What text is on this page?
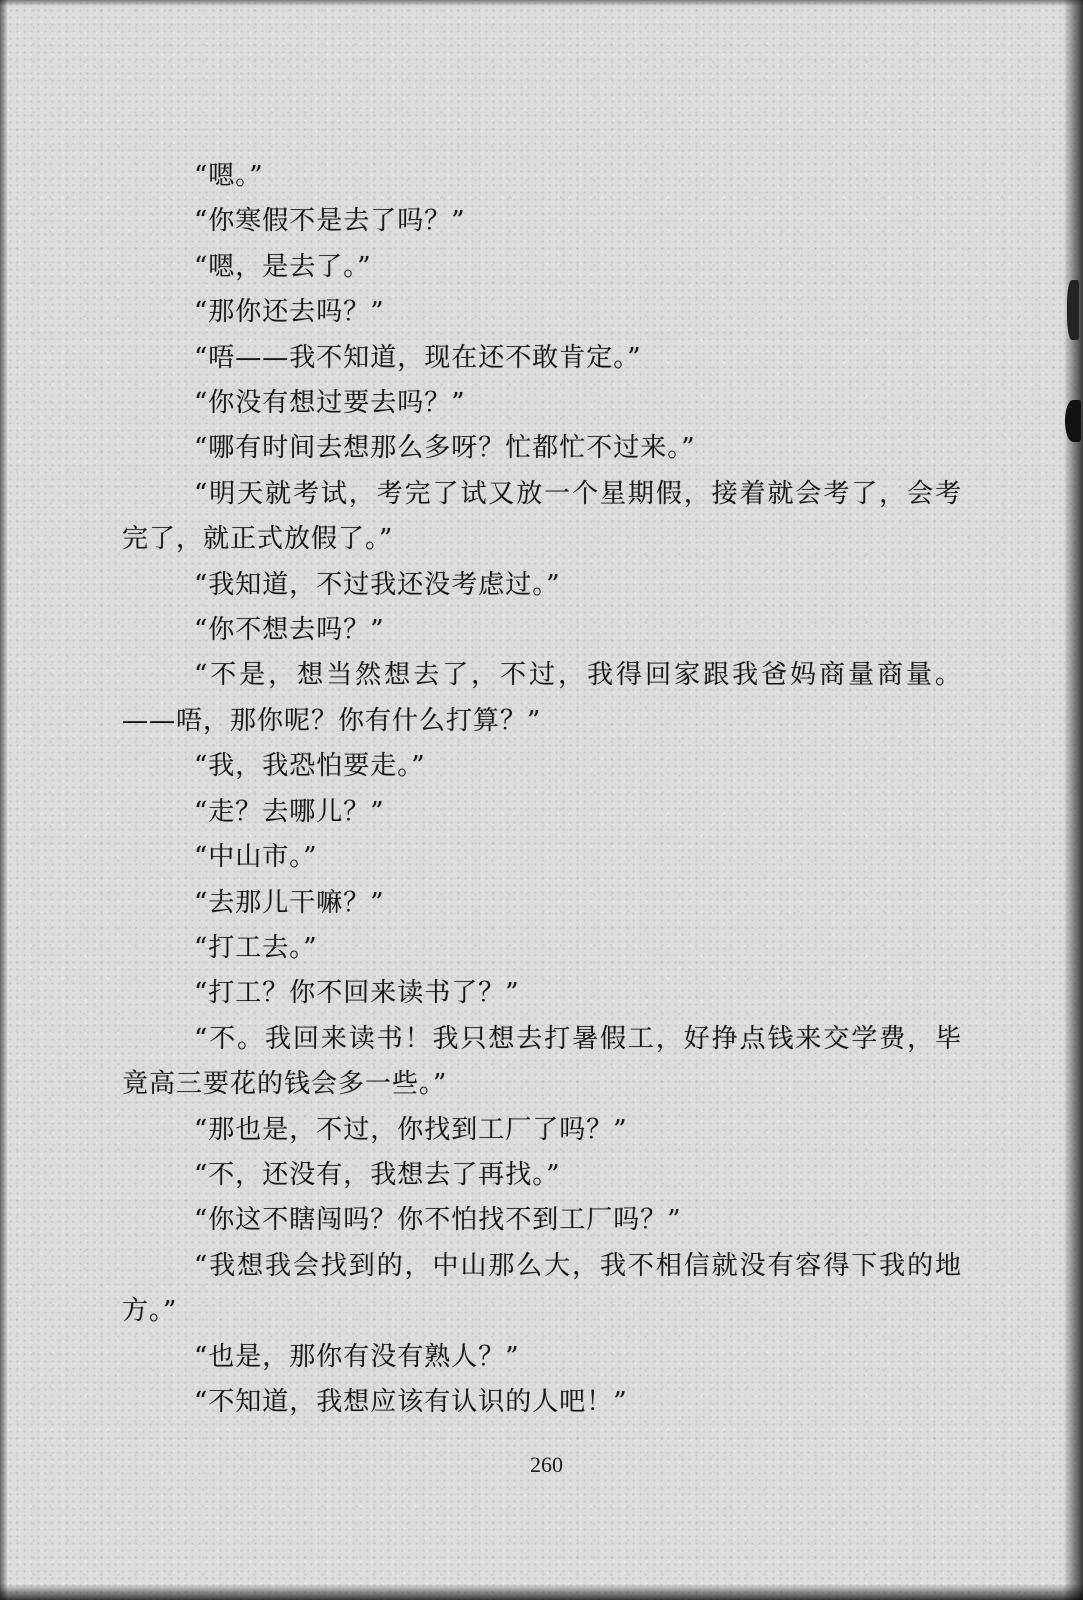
“嗯。”

“你寒假不是去了吗？”

“嗯，是去了。”

“那你还去吗？”

“唔——我不知道，现在还不敢肯定。”

“你没有想过要去吗？”

“哪有时间去想那么多呀？忙都忙不过来。”

“明天就考试，考完了试又放一个星期假，接着就会考了，会考完了，就正式放假了。”

“我知道，不过我还没考虑过。”

“你不想去吗？”

“不是，想当然想去了，不过，我得回家跟我爸妈商量商量。——唔，那你呢？你有什么打算？”

“我，我恐怕要走。”

“走？去哪儿？”

“中山市。”

“去那儿干嘛？”

“打工去。”

“打工？你不回来读书了？”

“不。我回来读书！我只想去打暑假工，好挣点钱来交学费，毕竟高三要花的钱会多一些。”

“那也是，不过，你找到工厂了吗？”

“不，还没有，我想去了再找。”

“你这不瞎闯吗？你不怕找不到工厂吗？”

“我想我会找到的，中山那么大，我不相信就没有容得下我的地方。”

“也是，那你有没有熟人？”

“不知道，我想应该有认识的人吧！”

260
